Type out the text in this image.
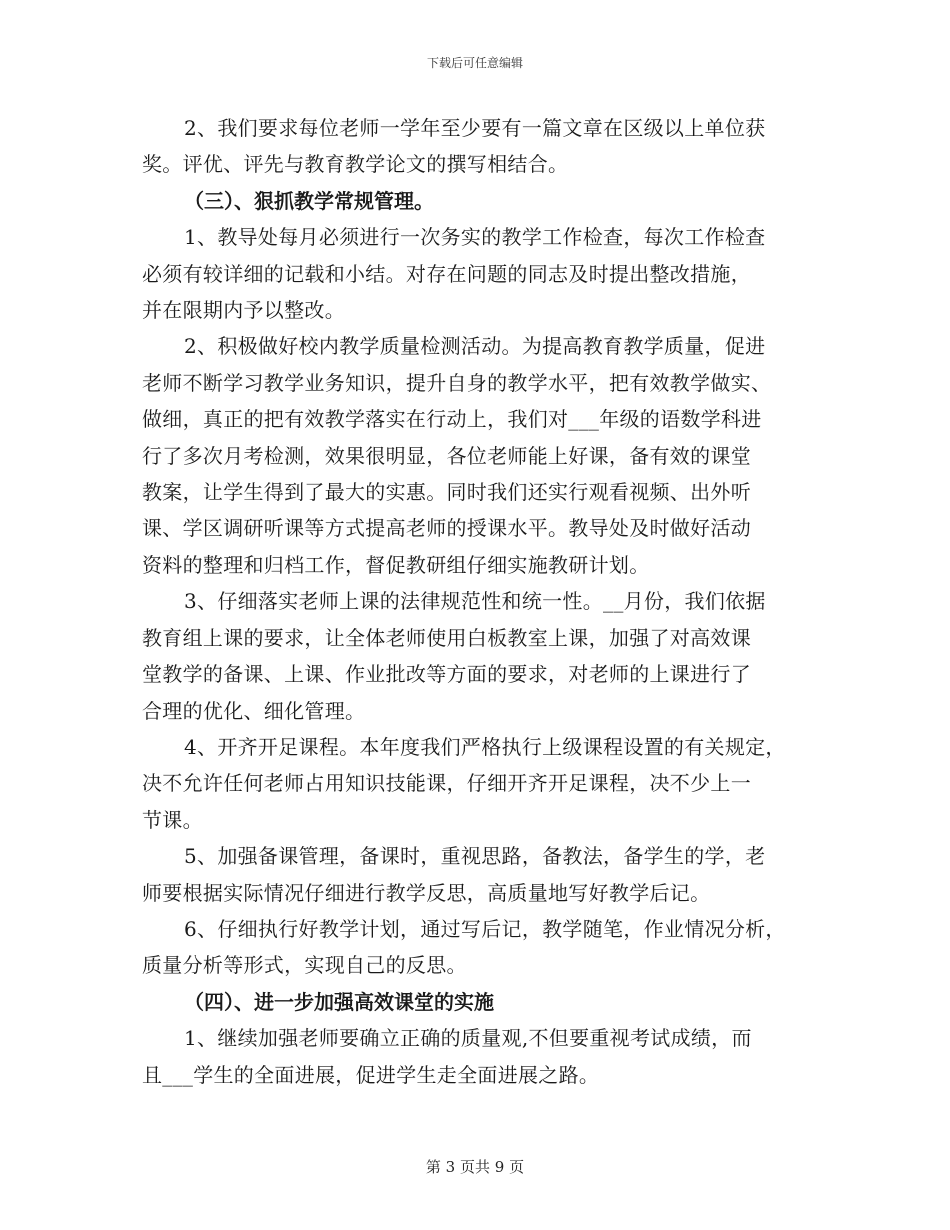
下载后可任意编辑

2、我们要求每位老师一学年至少要有一篇文章在区级以上单位获
奖。评优、评先与教育教学论文的撰写相结合。

（三）、狠抓教学常规管理。

1、教导处每月必须进行一次务实的教学工作检查，每次工作检查
必须有较详细的记载和小结。对存在问题的同志及时提出整改措施，
并在限期内予以整改。

2、积极做好校内教学质量检测活动。为提高教育教学质量，促进
老师不断学习教学业务知识，提升自身的教学水平，把有效教学做实、
做细，真正的把有效教学落实在行动上，我们对___年级的语数学科进
行了多次月考检测，效果很明显，各位老师能上好课，备有效的课堂
教案，让学生得到了最大的实惠。同时我们还实行观看视频、出外听
课、学区调研听课等方式提高老师的授课水平。教导处及时做好活动
资料的整理和归档工作，督促教研组仔细实施教研计划。

3、仔细落实老师上课的法律规范性和统一性。__月份，我们依据
教育组上课的要求，让全体老师使用白板教室上课，加强了对高效课
堂教学的备课、上课、作业批改等方面的要求，对老师的上课进行了
合理的优化、细化管理。

4、开齐开足课程。本年度我们严格执行上级课程设置的有关规定，
决不允许任何老师占用知识技能课，仔细开齐开足课程，决不少上一
节课。

5、加强备课管理，备课时，重视思路，备教法，备学生的学，老
师要根据实际情况仔细进行教学反思，高质量地写好教学后记。

6、仔细执行好教学计划，通过写后记，教学随笔，作业情况分析，
质量分析等形式，实现自己的反思。

（四）、进一步加强高效课堂的实施

1、继续加强老师要确立正确的质量观,不但要重视考试成绩，而
且___学生的全面进展，促进学生走全面进展之路。

第 3 页共 9 页
